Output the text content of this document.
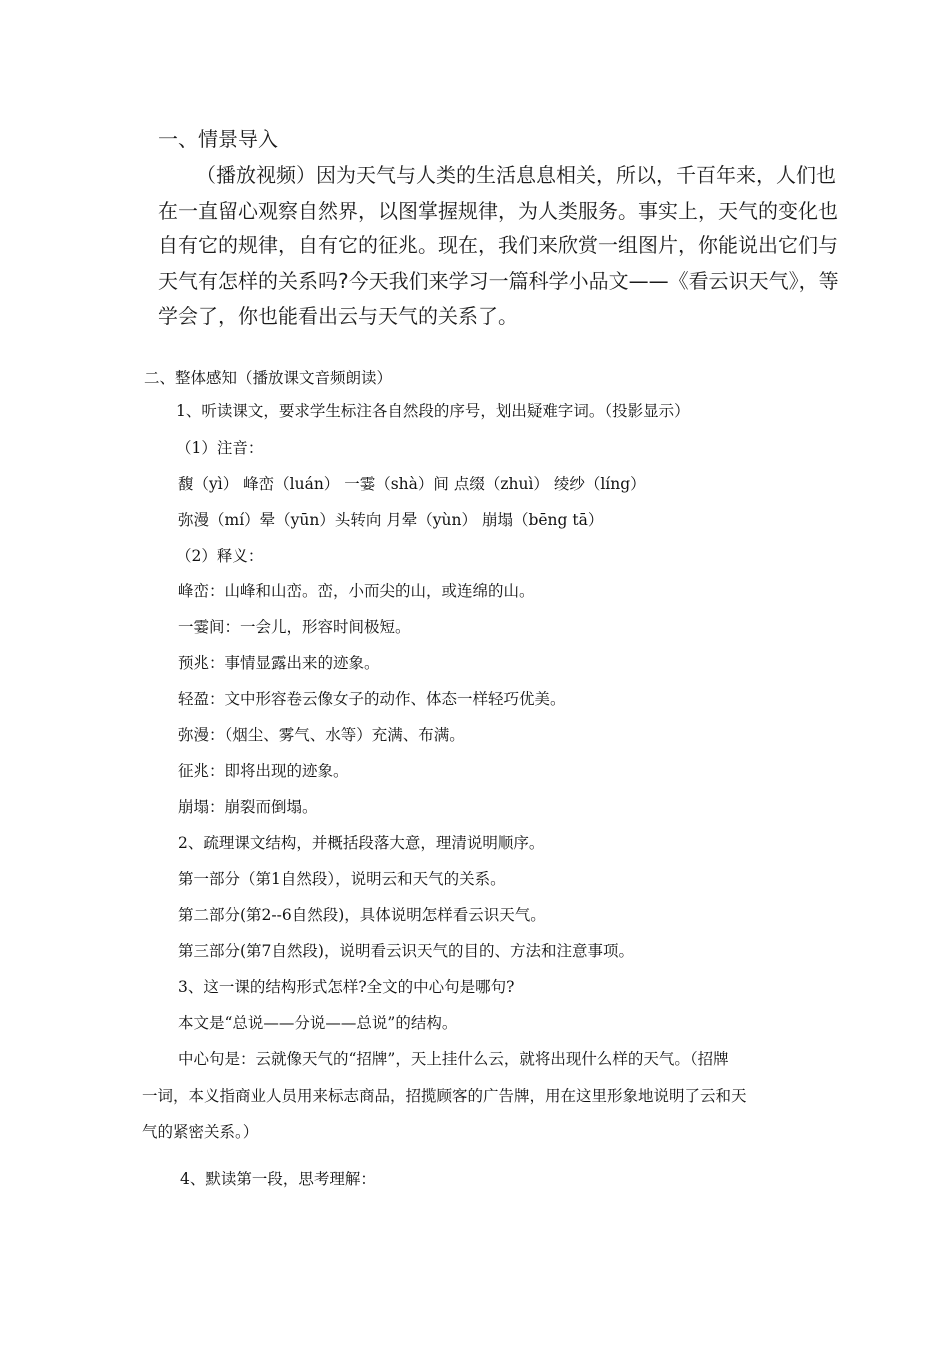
一、情景导入
（播放视频）因为天气与人类的生活息息相关，所以，千百年来，人们也
在一直留心观察自然界，以图掌握规律，为人类服务。事实上，天气的变化也
自有它的规律，自有它的征兆。现在，我们来欣赏一组图片，你能说出它们与
天气有怎样的关系吗?今天我们来学习一篇科学小品文——《看云识天气》，等
学会了，你也能看出云与天气的关系了。
二、整体感知（播放课文音频朗读）
1、听读课文，要求学生标注各自然段的序号，划出疑难字词。（投影显示）
（1）注音：
馥（yì） 峰峦（luán） 一霎（shà）间 点缀（zhuì） 绫纱（líng）
弥漫（mí）晕（yūn）头转向 月晕（yùn） 崩塌（bēng tā）
（2）释义：
峰峦：山峰和山峦。峦，小而尖的山，或连绵的山。
一霎间：一会儿，形容时间极短。
预兆：事情显露出来的迹象。
轻盈：文中形容卷云像女子的动作、体态一样轻巧优美。
弥漫：（烟尘、雾气、水等）充满、布满。
征兆：即将出现的迹象。
崩塌：崩裂而倒塌。
2、疏理课文结构，并概括段落大意，理清说明顺序。
第一部分（第1自然段），说明云和天气的关系。
第二部分(第2--6自然段)，具体说明怎样看云识天气。
第三部分(第7自然段)，说明看云识天气的目的、方法和注意事项。
3、这一课的结构形式怎样?全文的中心句是哪句?
本文是“总说——分说——总说”的结构。
中心句是：云就像天气的“招牌”，天上挂什么云，就将出现什么样的天气。（招牌
一词，本义指商业人员用来标志商品，招揽顾客的广告牌，用在这里形象地说明了云和天
气的紧密关系。）
4、默读第一段，思考理解：
